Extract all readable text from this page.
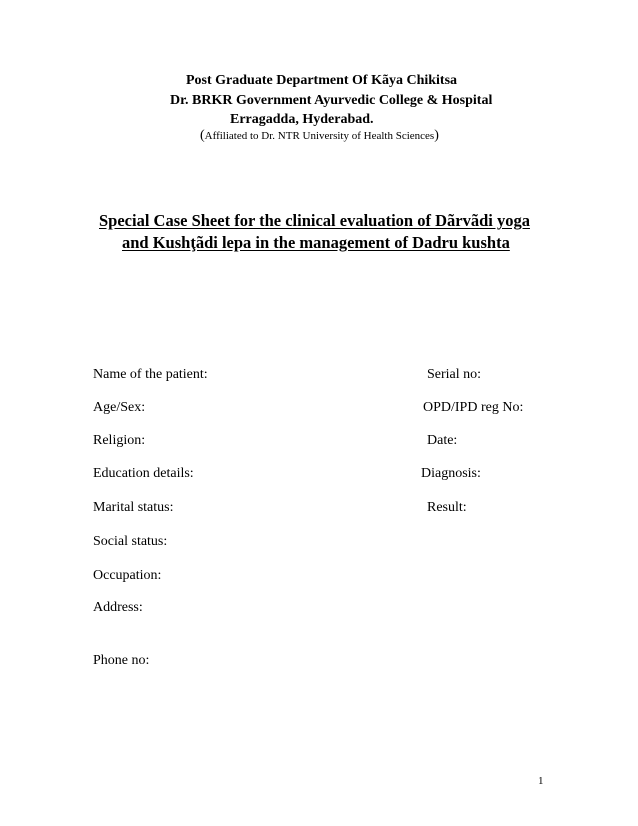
Post Graduate Department Of Kãya Chikitsa
Dr. BRKR Government Ayurvedic College & Hospital
Erragadda, Hyderabad.
(Affiliated to Dr. NTR University of Health Sciences)
Special Case Sheet for the clinical evaluation of Dãrvãdi yoga
and Kushţãdi lepa in the management of Dadru kushta
Name of the patient:
Age/Sex:
Religion:
Education details:
Marital status:
Social status:
Occupation:
Address:
Phone no:
Serial no:
OPD/IPD reg No:
Date:
Diagnosis:
Result:
1
